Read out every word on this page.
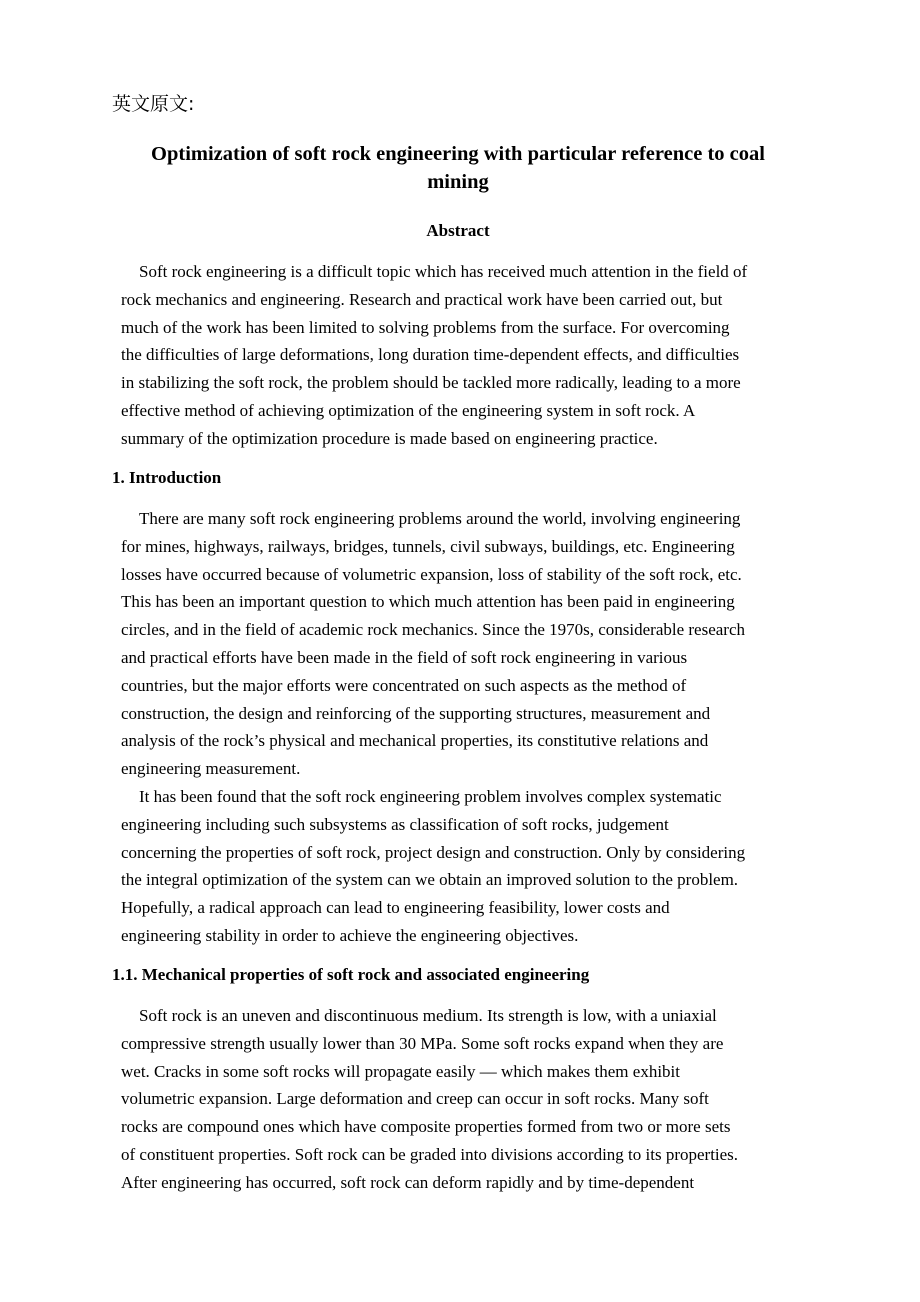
英文原文:
Optimization of soft rock engineering with particular reference to coal
mining
Abstract
Soft rock engineering is a difficult topic which has received much attention in the field of
rock mechanics and engineering. Research and practical work have been carried out, but
much of the work has been limited to solving problems from the surface. For overcoming
the difficulties of large deformations, long duration time-dependent effects, and difficulties
in stabilizing the soft rock, the problem should be tackled more radically, leading to a more
effective method of achieving optimization of the engineering system in soft rock. A
summary of the optimization procedure is made based on engineering practice.
1. Introduction
There are many soft rock engineering problems around the world, involving engineering
for mines, highways, railways, bridges, tunnels, civil subways, buildings, etc. Engineering
losses have occurred because of volumetric expansion, loss of stability of the soft rock, etc.
This has been an important question to which much attention has been paid in engineering
circles, and in the field of academic rock mechanics. Since the 1970s, considerable research
and practical efforts have been made in the field of soft rock engineering in various
countries, but the major efforts were concentrated on such aspects as the method of
construction, the design and reinforcing of the supporting structures, measurement and
analysis of the rock’s physical and mechanical properties, its constitutive relations and
engineering measurement.
It has been found that the soft rock engineering problem involves complex systematic
engineering including such subsystems as classification of soft rocks, judgement
concerning the properties of soft rock, project design and construction. Only by considering
the integral optimization of the system can we obtain an improved solution to the problem.
Hopefully, a radical approach can lead to engineering feasibility, lower costs and
engineering stability in order to achieve the engineering objectives.
1.1. Mechanical properties of soft rock and associated engineering
Soft rock is an uneven and discontinuous medium. Its strength is low, with a uniaxial
compressive strength usually lower than 30 MPa. Some soft rocks expand when they are
wet. Cracks in some soft rocks will propagate easily — which makes them exhibit
volumetric expansion. Large deformation and creep can occur in soft rocks. Many soft
rocks are compound ones which have composite properties formed from two or more sets
of constituent properties. Soft rock can be graded into divisions according to its properties.
After engineering has occurred, soft rock can deform rapidly and by time-dependent
